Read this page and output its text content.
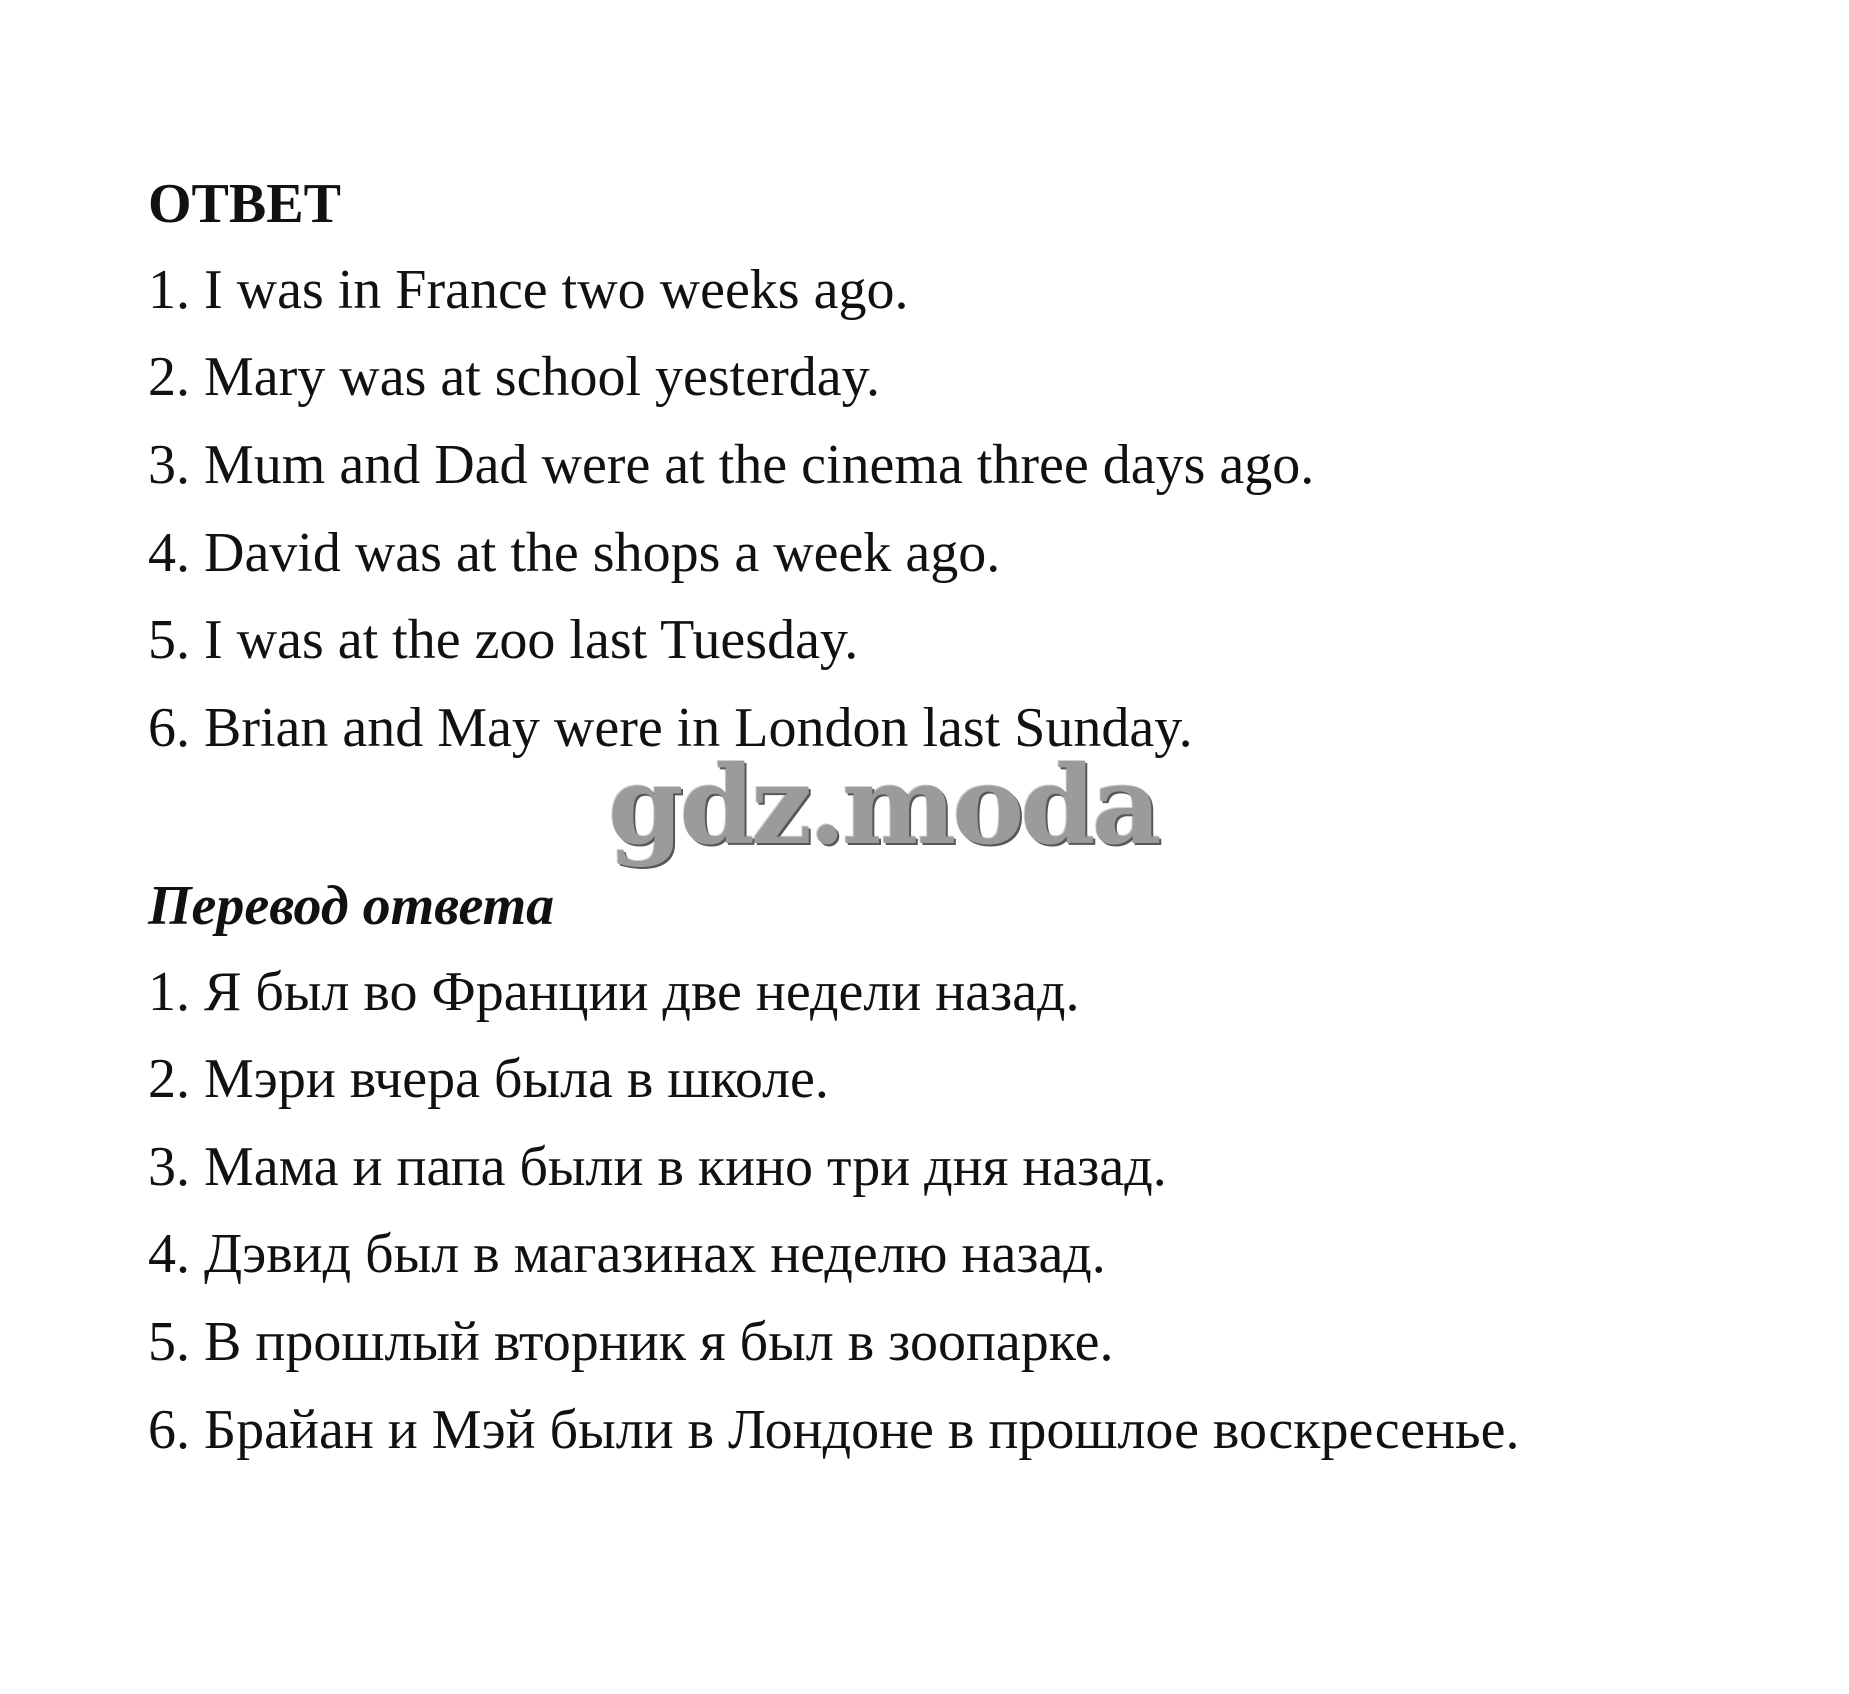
ОТВЕТ
1. I was in France two weeks ago.
2. Mary was at school yesterday.
3. Mum and Dad were at the cinema three days ago.
4. David was at the shops a week ago.
5. I was at the zoo last Tuesday.
6. Brian and May were in London last Sunday.
gdz.moda
Перевод ответа
1. Я был во Франции две недели назад.
2. Мэри вчера была в школе.
3. Мама и папа были в кино три дня назад.
4. Дэвид был в магазинах неделю назад.
5. В прошлый вторник я был в зоопарке.
6. Брайан и Мэй были в Лондоне в прошлое воскресенье.
